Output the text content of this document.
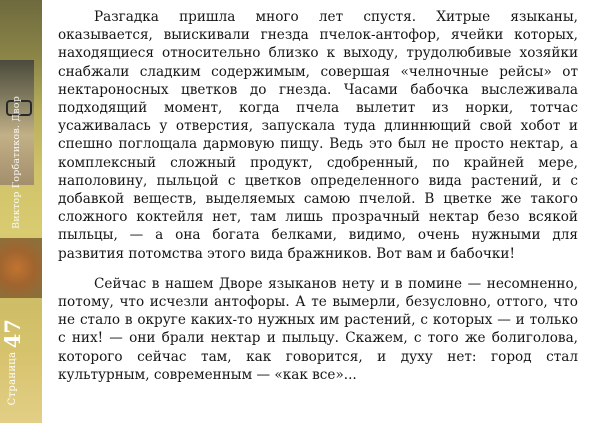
Виктор Горбатиков. Двор
Страница 47

Разгадка пришла много лет спустя. Хитрые языканы, оказывается, выискивали гнезда пчелок-антофор, ячейки которых, находящиеся относительно близко к выходу, трудолюбивые хозяйки снабжали сладким содержимым, совершая «челночные рейсы» от нектароносных цветков до гнезда. Часами бабочка выслеживала подходящий момент, когда пчела вылетит из норки, тотчас усаживалась у отверстия, запускала туда длиннющий свой хобот и спешно поглощала дармовую пищу. Ведь это был не просто нектар, а комплексный сложный продукт, сдобренный, по крайней мере, наполовину, пыльцой с цветков определенного вида растений, и с добавкой веществ, выделяемых самою пчелой. В цветке же такого сложного коктейля нет, там лишь прозрачный нектар безо всякой пыльцы, — а она богата белками, видимо, очень нужными для развития потомства этого вида бражников. Вот вам и бабочки!

Сейчас в нашем Дворе языканов нету и в помине — несомненно, потому, что исчезли антофоры. А те вымерли, безусловно, оттого, что не стало в округе каких-то нужных им растений, с которых — и только с них! — они брали нектар и пыльцу. Скажем, с того же болиголова, которого сейчас там, как говорится, и духу нет: город стал культурным, современным — «как все»...
